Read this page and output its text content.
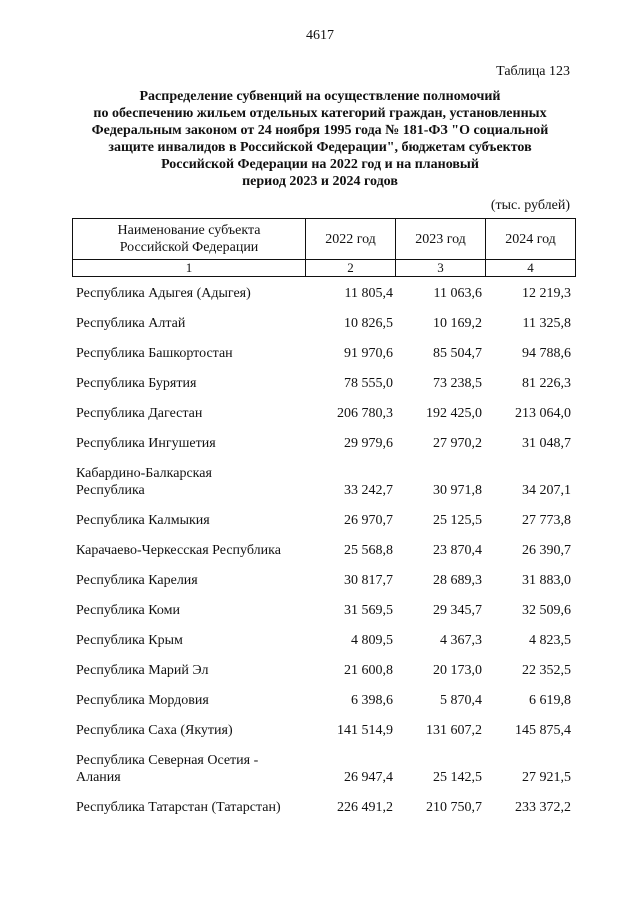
4617
Таблица 123
Распределение субвенций на осуществление полномочий
по обеспечению жильем отдельных категорий граждан, установленных
Федеральным законом от 24 ноября 1995 года № 181-ФЗ "О социальной
защите инвалидов в Российской Федерации", бюджетам субъектов
Российской Федерации на 2022 год и на плановый
период 2023 и 2024 годов
(тыс. рублей)
Наименование субъекта
Российской Федерации	2022 год	2023 год	2024 год
1	2	3	4
Республика Адыгея (Адыгея)	11 805,4	11 063,6	12 219,3
Республика Алтай	10 826,5	10 169,2	11 325,8
Республика Башкортостан	91 970,6	85 504,7	94 788,6
Республика Бурятия	78 555,0	73 238,5	81 226,3
Республика Дагестан	206 780,3	192 425,0	213 064,0
Республика Ингушетия	29 979,6	27 970,2	31 048,7
Кабардино-Балкарская
Республика	33 242,7	30 971,8	34 207,1
Республика Калмыкия	26 970,7	25 125,5	27 773,8
Карачаево-Черкесская Республика	25 568,8	23 870,4	26 390,7
Республика Карелия	30 817,7	28 689,3	31 883,0
Республика Коми	31 569,5	29 345,7	32 509,6
Республика Крым	4 809,5	4 367,3	4 823,5
Республика Марий Эл	21 600,8	20 173,0	22 352,5
Республика Мордовия	6 398,6	5 870,4	6 619,8
Республика Саха (Якутия)	141 514,9	131 607,2	145 875,4
Республика Северная Осетия -
Алания	26 947,4	25 142,5	27 921,5
Республика Татарстан (Татарстан)	226 491,2	210 750,7	233 372,2
